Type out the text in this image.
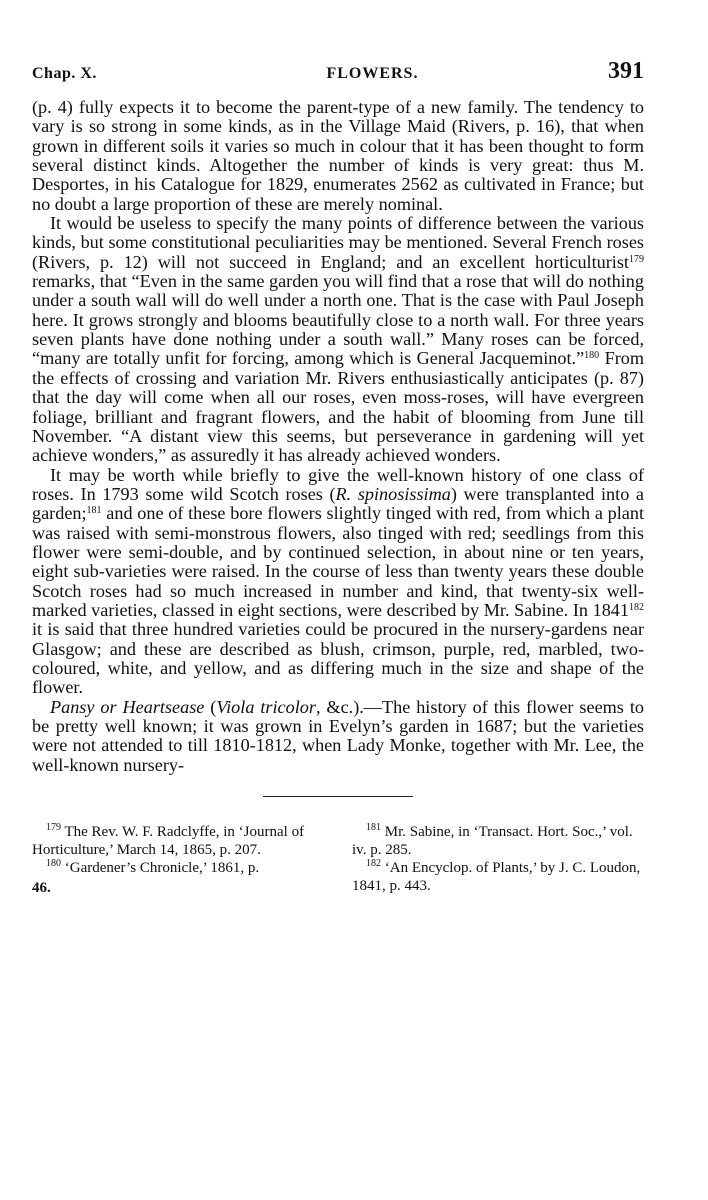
Chap. X.	FLOWERS.	391

(p. 4) fully expects it to become the parent-type of a new family. The tendency to vary is so strong in some kinds, as in the Village Maid (Rivers, p. 16), that when grown in different soils it varies so much in colour that it has been thought to form several distinct kinds. Altogether the number of kinds is very great: thus M. Desportes, in his Catalogue for 1829, enumerates 2562 as cultivated in France; but no doubt a large proportion of these are merely nominal.

It would be useless to specify the many points of difference between the various kinds, but some constitutional peculiarities may be mentioned. Several French roses (Rivers, p. 12) will not succeed in England; and an excellent horticulturist$^{179}$ remarks, that “Even in the same garden you will find that a rose that will do nothing under a south wall will do well under a north one. That is the case with Paul Joseph here. It grows strongly and blooms beautifully close to a north wall. For three years seven plants have done nothing under a south wall.” Many roses can be forced, “many are totally unfit for forcing, among which is General Jacqueminot.”$^{180}$ From the effects of crossing and variation Mr. Rivers enthusiastically anticipates (p. 87) that the day will come when all our roses, even moss-roses, will have evergreen foliage, brilliant and fragrant flowers, and the habit of blooming from June till November. “A distant view this seems, but perseverance in gardening will yet achieve wonders,” as assuredly it has already achieved wonders.

It may be worth while briefly to give the well-known history of one class of roses. In 1793 some wild Scotch roses (R. spinosissima) were transplanted into a garden;$^{181}$ and one of these bore flowers slightly tinged with red, from which a plant was raised with semi-monstrous flowers, also tinged with red; seedlings from this flower were semi-double, and by continued selection, in about nine or ten years, eight sub-varieties were raised. In the course of less than twenty years these double Scotch roses had so much increased in number and kind, that twenty-six well-marked varieties, classed in eight sections, were described by Mr. Sabine. In 1841$^{182}$ it is said that three hundred varieties could be procured in the nursery-gardens near Glasgow; and these are described as blush, crimson, purple, red, marbled, two-coloured, white, and yellow, and as differing much in the size and shape of the flower.

Pansy or Heartsease (Viola tricolor, &c.).—The history of this flower seems to be pretty well known; it was grown in Evelyn’s garden in 1687; but the varieties were not attended to till 1810-1812, when Lady Monke, together with Mr. Lee, the well-known nursery-

$^{179}$ The Rev. W. F. Radclyffe, in ‘Journal of Horticulture,’ March 14, 1865, p. 207.

$^{180}$ ‘Gardener’s Chronicle,’ 1861, p.

46.

$^{181}$ Mr. Sabine, in ‘Transact. Hort. Soc.,’ vol. iv. p. 285.

$^{182}$ ‘An Encyclop. of Plants,’ by J. C. Loudon, 1841, p. 443.
